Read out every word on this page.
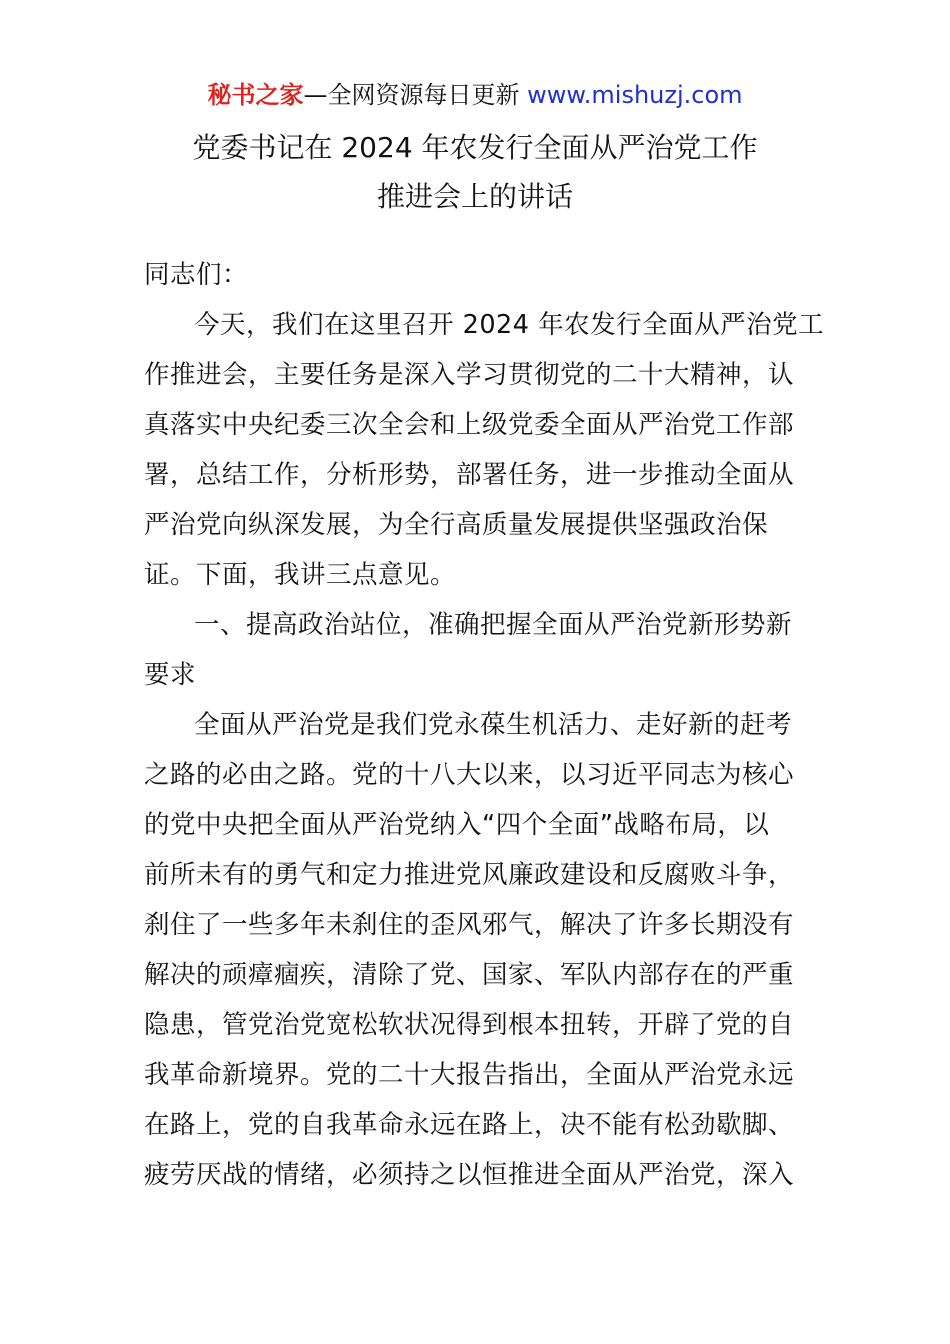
秘书之家—全网资源每日更新 www.mishuzj.com
党委书记在 2024 年农发行全面从严治党工作
推进会上的讲话
同志们：
今天，我们在这里召开 2024 年农发行全面从严治党工
作推进会，主要任务是深入学习贯彻党的二十大精神，认
真落实中央纪委三次全会和上级党委全面从严治党工作部
署，总结工作，分析形势，部署任务，进一步推动全面从
严治党向纵深发展，为全行高质量发展提供坚强政治保
证。下面，我讲三点意见。
一、提高政治站位，准确把握全面从严治党新形势新
要求
全面从严治党是我们党永葆生机活力、走好新的赶考
之路的必由之路。党的十八大以来，以习近平同志为核心
的党中央把全面从严治党纳入“四个全面”战略布局，以
前所未有的勇气和定力推进党风廉政建设和反腐败斗争，
刹住了一些多年未刹住的歪风邪气，解决了许多长期没有
解决的顽瘴痼疾，清除了党、国家、军队内部存在的严重
隐患，管党治党宽松软状况得到根本扭转，开辟了党的自
我革命新境界。党的二十大报告指出，全面从严治党永远
在路上，党的自我革命永远在路上，决不能有松劲歇脚、
疲劳厌战的情绪，必须持之以恒推进全面从严治党，深入
